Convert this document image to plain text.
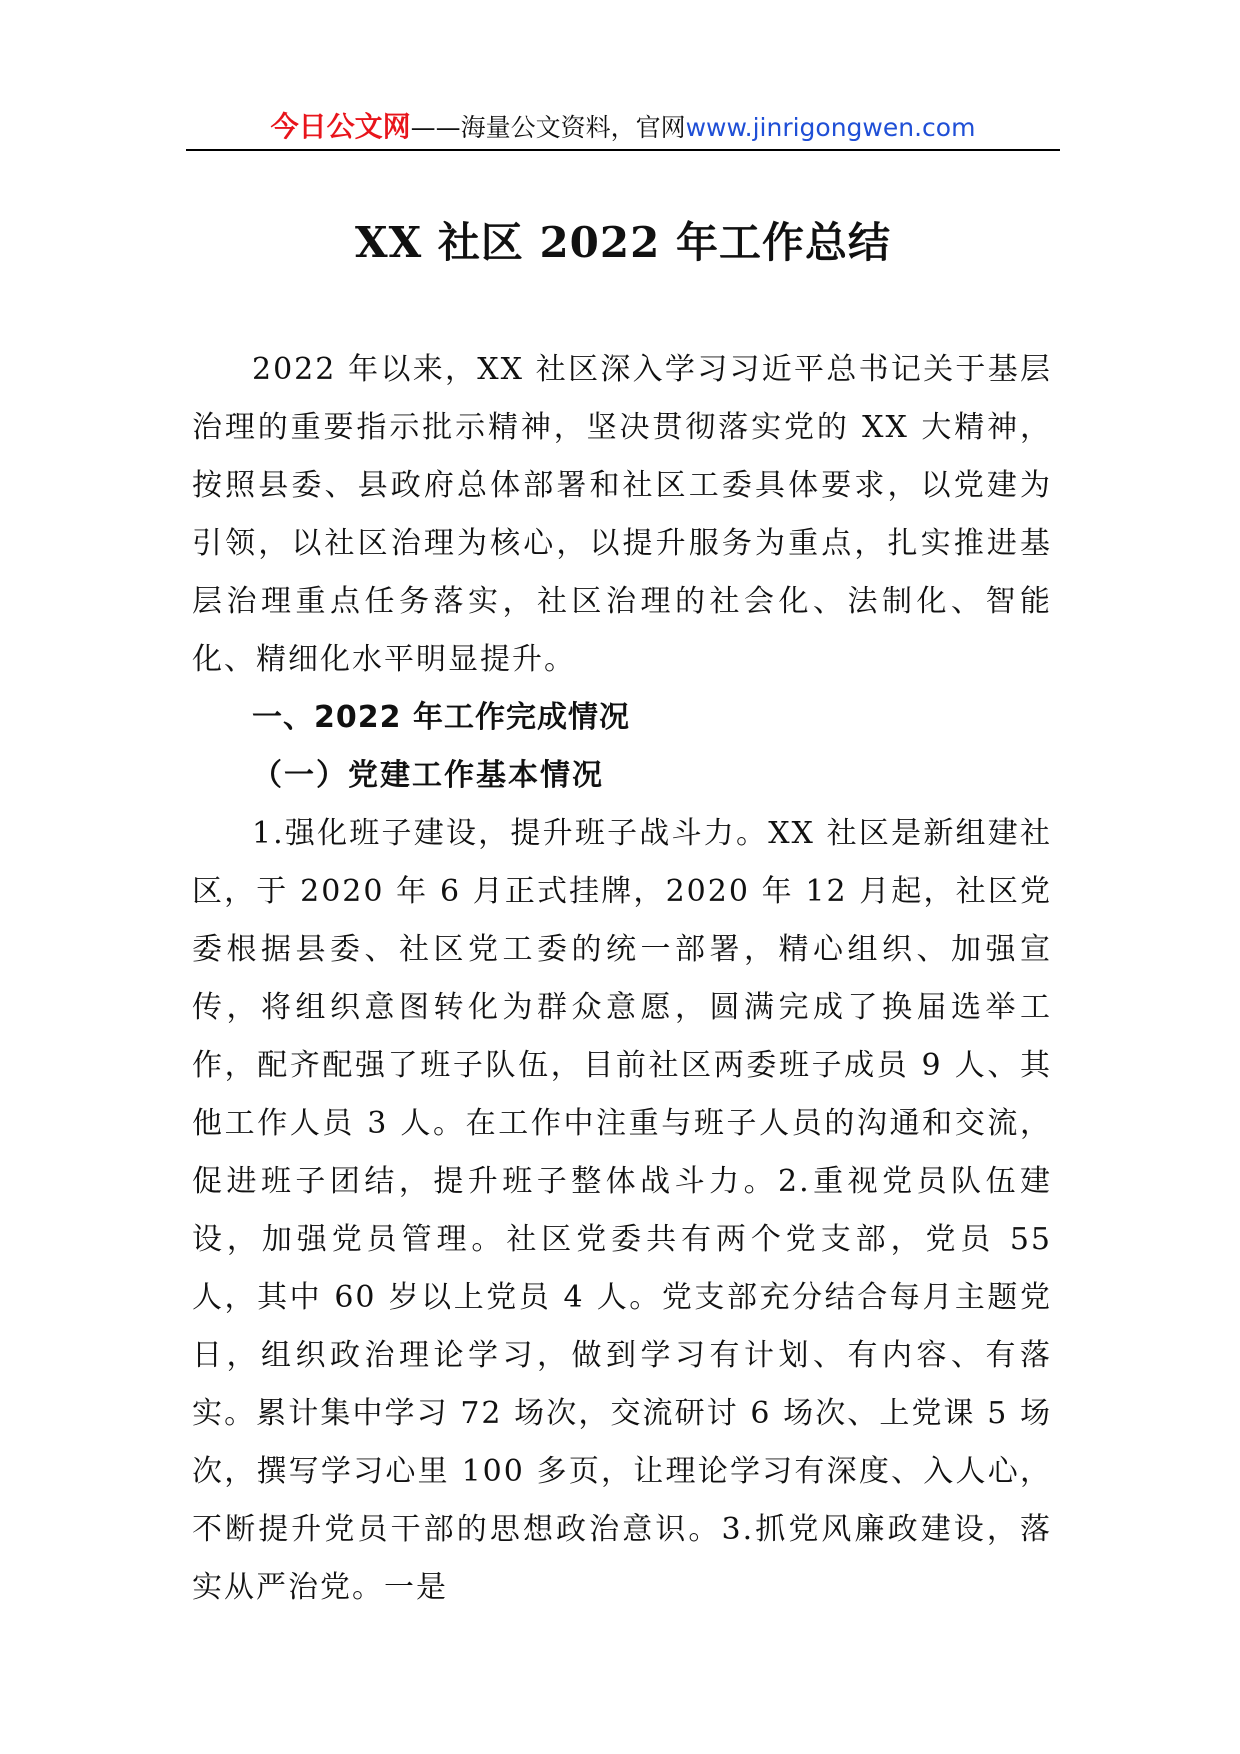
今日公文网——海量公文资料，官网www.jinrigongwen.com
XX 社区 2022 年工作总结

2022 年以来，XX 社区深入学习习近平总书记关于基层治理的重要指示批示精神，坚决贯彻落实党的 XX 大精神，按照县委、县政府总体部署和社区工委具体要求，以党建为引领，以社区治理为核心，以提升服务为重点，扎实推进基层治理重点任务落实，社区治理的社会化、法制化、智能化、精细化水平明显提升。

一、2022 年工作完成情况

（一）党建工作基本情况

1.强化班子建设，提升班子战斗力。XX 社区是新组建社区，于 2020 年 6 月正式挂牌，2020 年 12 月起，社区党委根据县委、社区党工委的统一部署，精心组织、加强宣传，将组织意图转化为群众意愿，圆满完成了换届选举工作，配齐配强了班子队伍，目前社区两委班子成员 9 人、其他工作人员 3 人。在工作中注重与班子人员的沟通和交流，促进班子团结，提升班子整体战斗力。2.重视党员队伍建设，加强党员管理。社区党委共有两个党支部，党员 55 人，其中 60 岁以上党员 4 人。党支部充分结合每月主题党日，组织政治理论学习，做到学习有计划、有内容、有落实。累计集中学习 72 场次，交流研讨 6 场次、上党课 5 场次，撰写学习心里 100 多页，让理论学习有深度、入人心，不断提升党员干部的思想政治意识。3.抓党风廉政建设，落实从严治党。一是
